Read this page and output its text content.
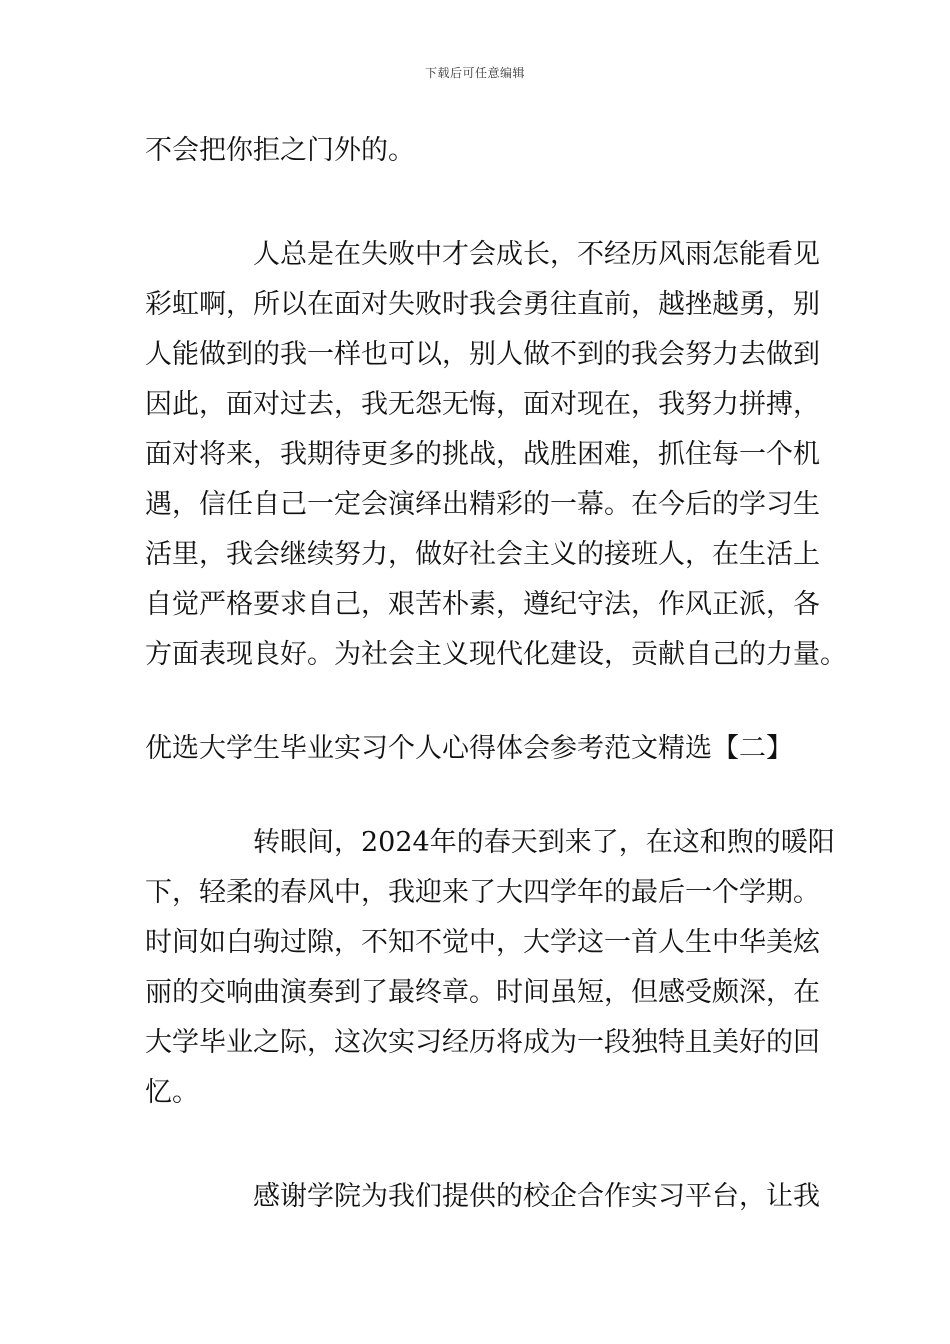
下载后可任意编辑
不会把你拒之门外的。
人总是在失败中才会成长，不经历风雨怎能看见
彩虹啊，所以在面对失败时我会勇往直前，越挫越勇，别
人能做到的我一样也可以，别人做不到的我会努力去做到
因此，面对过去，我无怨无悔，面对现在，我努力拼搏，
面对将来，我期待更多的挑战，战胜困难，抓住每一个机
遇，信任自己一定会演绎出精彩的一幕。在今后的学习生
活里，我会继续努力，做好社会主义的接班人，在生活上
自觉严格要求自己，艰苦朴素，遵纪守法，作风正派，各
方面表现良好。为社会主义现代化建设，贡献自己的力量。
优选大学生毕业实习个人心得体会参考范文精选【二】
转眼间，2024年的春天到来了，在这和煦的暖阳
下，轻柔的春风中，我迎来了大四学年的最后一个学期。
时间如白驹过隙，不知不觉中，大学这一首人生中华美炫
丽的交响曲演奏到了最终章。时间虽短，但感受颇深，在
大学毕业之际，这次实习经历将成为一段独特且美好的回
忆。
感谢学院为我们提供的校企合作实习平台，让我
